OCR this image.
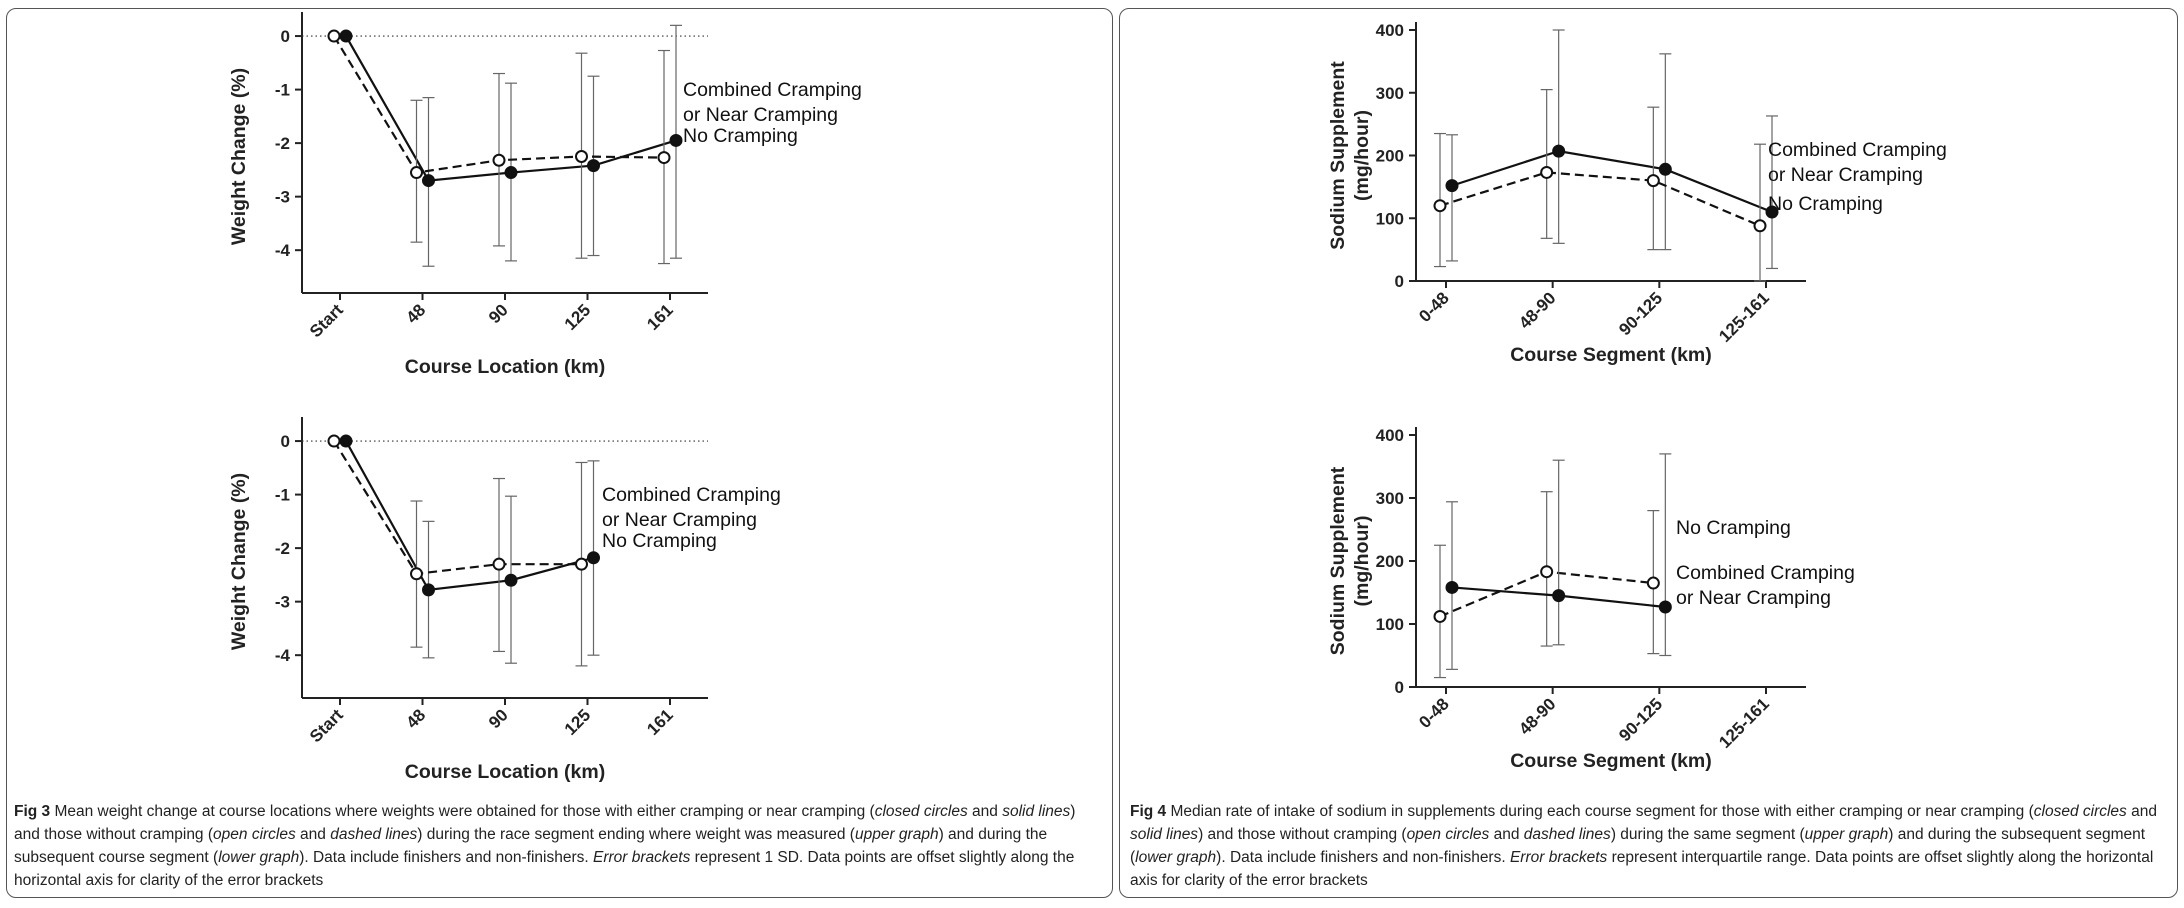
0
-1
-2
-3
-4
Start	48	90	125	161
Course Location (km)
Weight Change (%)	Combined Cramping
or Near Cramping
No Cramping
0
-1
-2
-3
-4
Start	48	90	125	161
Course Location (km)
Weight Change (%)	Combined Cramping
or Near Cramping
No Cramping
0
100
200
300
400
0-48	48-90	90-125	125-161
Course Segment (km)
Sodium Supplement (mg/hour)	Combined Cramping
or Near Cramping
No Cramping
0
100
200
300
400
0-48	48-90	90-125	125-161
Course Segment (km)
Sodium Supplement (mg/hour)	No Cramping
Combined Cramping
or Near Cramping
Fig 3 Mean weight change at course locations where weights were obtained for those with either cramping or near cramping (closed circles and solid lines) and those without cramping (open circles and dashed lines) during the race segment ending where weight was measured (upper graph) and during the subsequent course segment (lower graph). Data include finishers and non-finishers. Error brackets represent 1 SD. Data points are offset slightly along the horizontal axis for clarity of the error brackets
Fig 4 Median rate of intake of sodium in supplements during each course segment for those with either cramping or near cramping (closed circles and solid lines) and those without cramping (open circles and dashed lines) during the same segment (upper graph) and during the subsequent segment (lower graph). Data include finishers and non-finishers. Error brackets represent interquartile range. Data points are offset slightly along the horizontal axis for clarity of the error brackets
